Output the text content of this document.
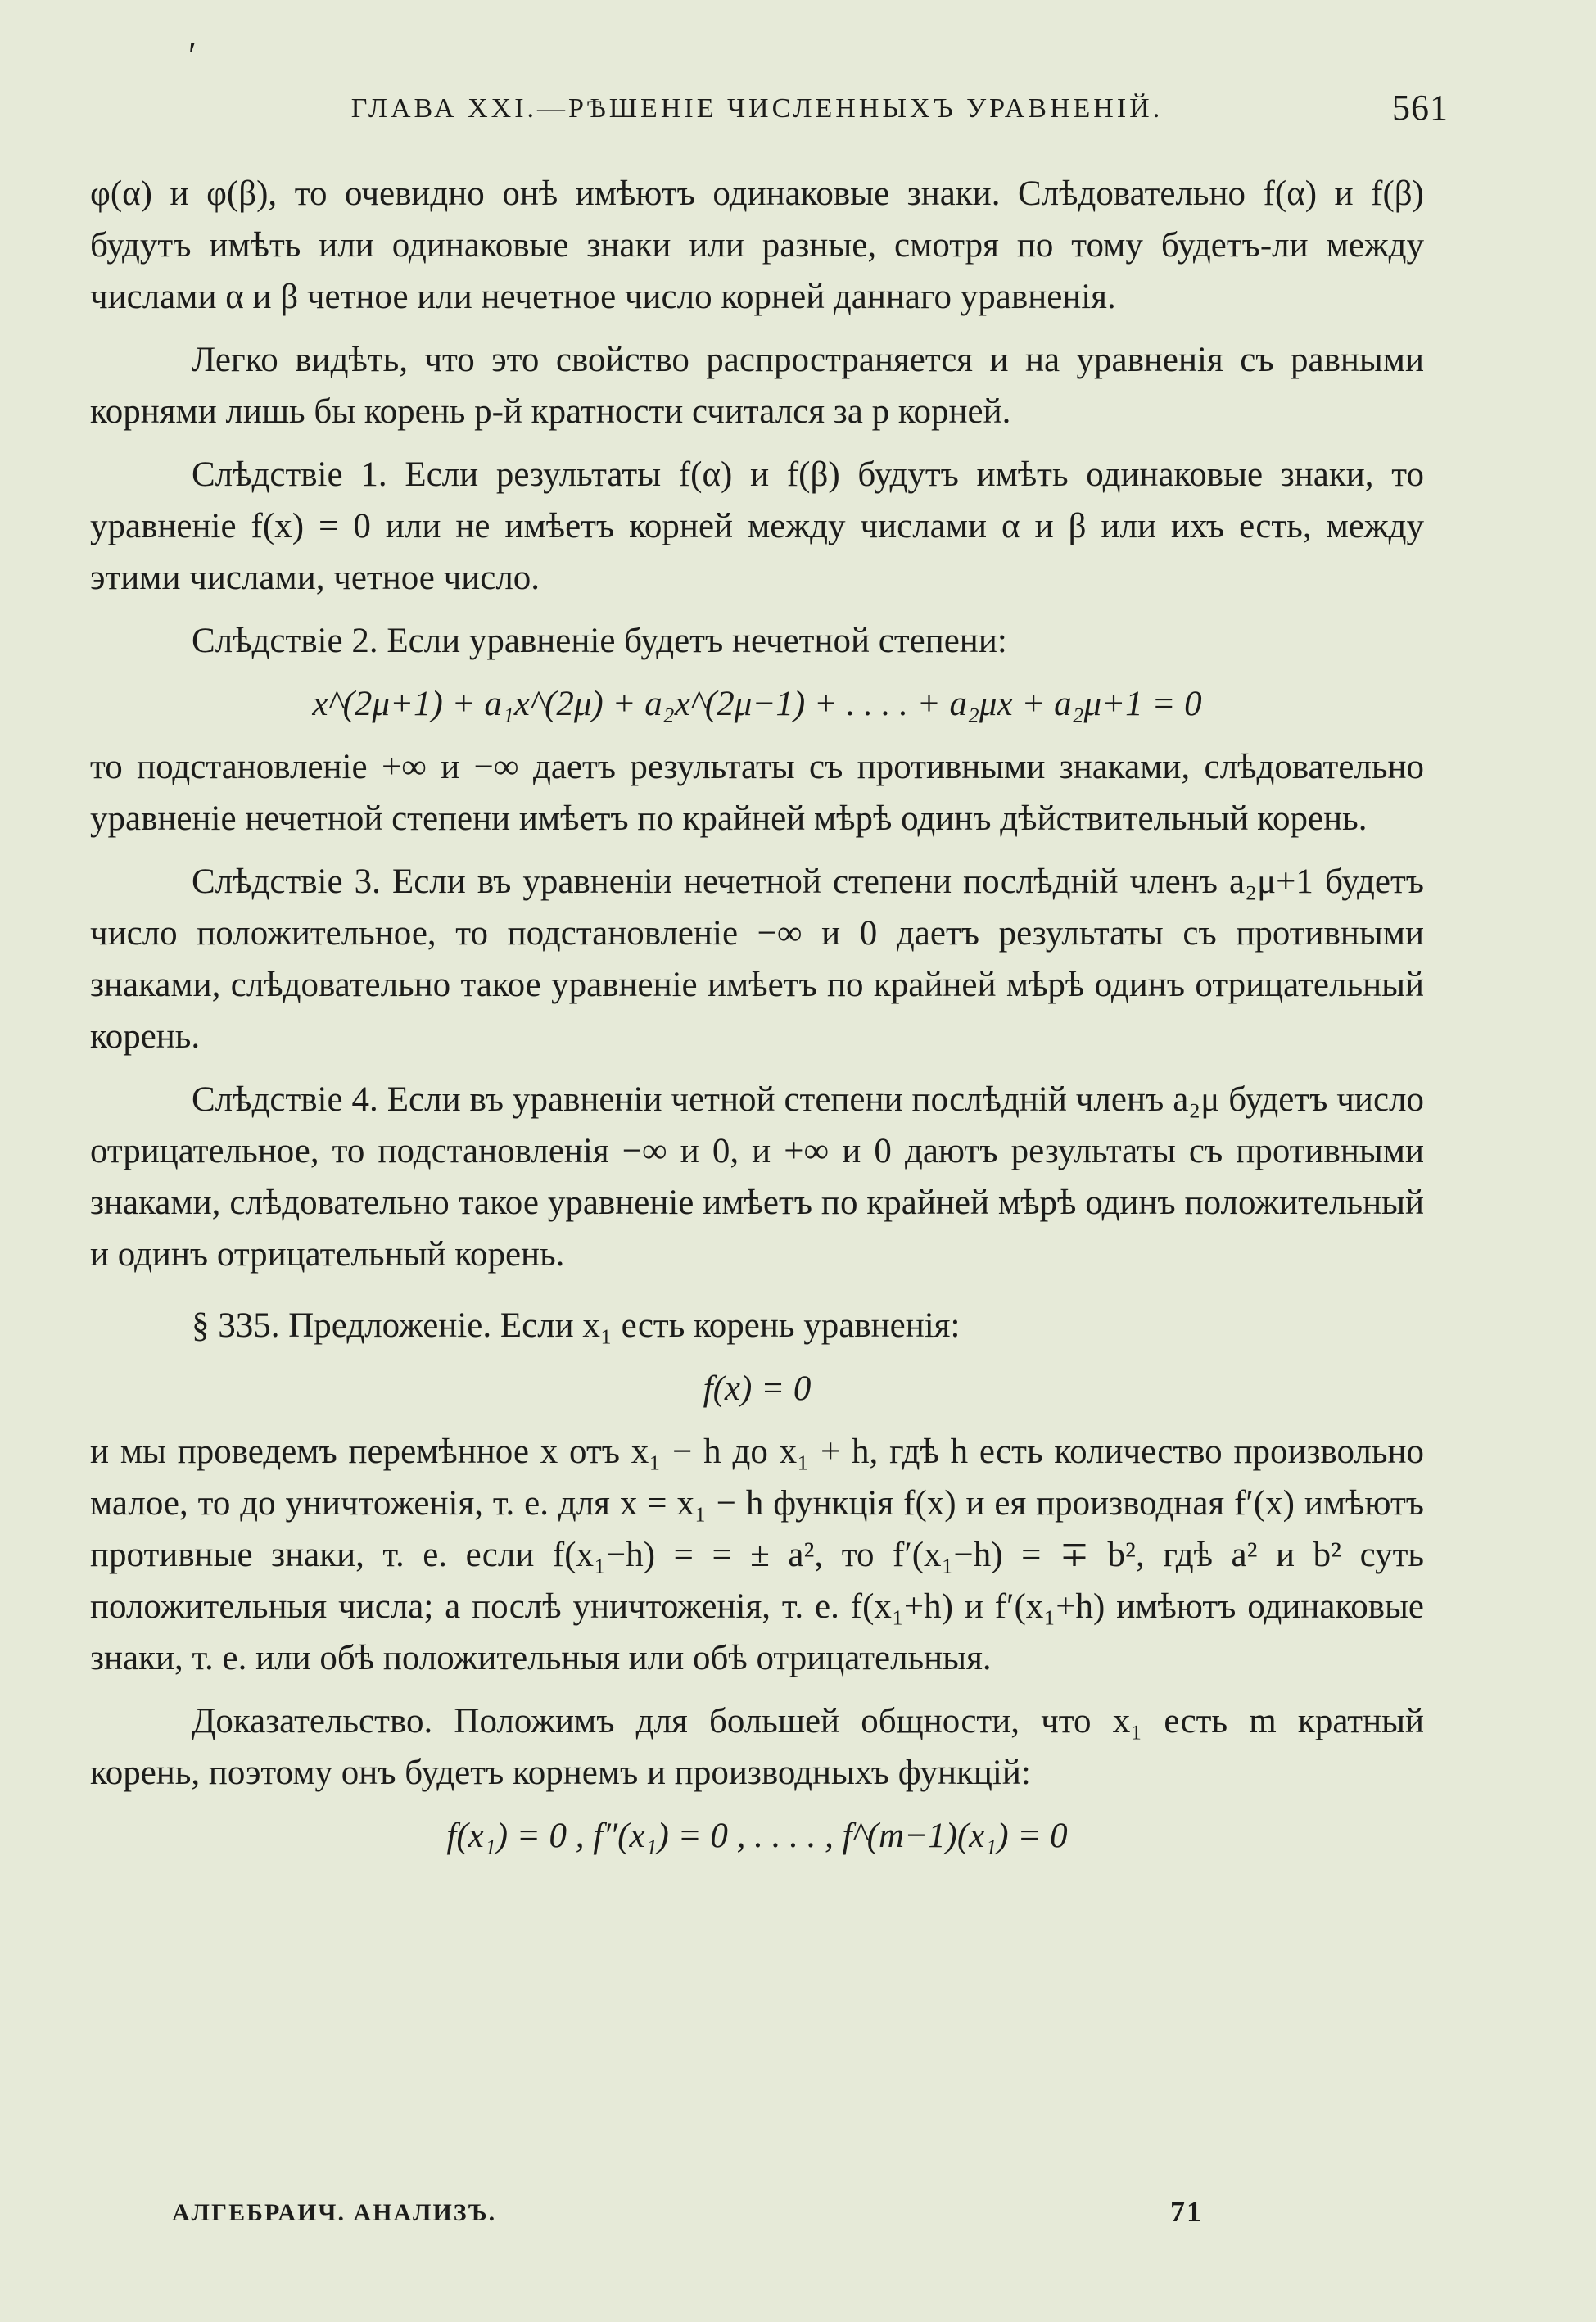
ʹ
ГЛАВА XXI.—РѢШЕНІЕ ЧИСЛЕННЫХЪ УРАВНЕНІЙ.	561

φ(α) и φ(β), то очевидно онѣ имѣютъ одинаковые знаки. Слѣдовательно f(α) и f(β) будутъ имѣть или одинаковые знаки или разные, смотря по тому будетъ-ли между числами α и β четное или нечетное число корней даннаго уравненія.

Легко видѣть, что это свойство распространяется и на уравненія съ равными корнями лишь бы корень p-й кратности считался за p корней.

Слѣдствіе 1. Если результаты f(α) и f(β) будутъ имѣть одинаковые знаки, то уравненіе f(x) = 0 или не имѣетъ корней между числами α и β или ихъ есть, между этими числами, четное число.

Слѣдствіе 2. Если уравненіе будетъ нечетной степени:

x^(2μ+1) + a₁x^(2μ) + a₂x^(2μ−1) + . . . . + a₂μx + a₂μ+1 = 0

то подстановленіе +∞ и −∞ даетъ результаты съ противными знаками, слѣдовательно уравненіе нечетной степени имѣетъ по крайней мѣрѣ одинъ дѣйствительный корень.

Слѣдствіе 3. Если въ уравненіи нечетной степени послѣдній членъ a₂μ+1 будетъ число положительное, то подстановленіе −∞ и 0 даетъ результаты съ противными знаками, слѣдовательно такое уравненіе имѣетъ по крайней мѣрѣ одинъ отрицательный корень.

Слѣдствіе 4. Если въ уравненіи четной степени послѣдній членъ a₂μ будетъ число отрицательное, то подстановленія −∞ и 0, и +∞ и 0 даютъ результаты съ противными знаками, слѣдовательно такое уравненіе имѣетъ по крайней мѣрѣ одинъ положительный и одинъ отрицательный корень.

§ 335. Предложеніе. Если x₁ есть корень уравненія:

f(x) = 0

и мы проведемъ перемѣнное x отъ x₁ − h до x₁ + h, гдѣ h есть количество произвольно малое, то до уничтоженія, т. е. для x = x₁ − h функція f(x) и ея производная f′(x) имѣютъ противные знаки, т. е. если f(x₁−h) = = ± a², то f′(x₁−h) = ∓ b², гдѣ a² и b² суть положительныя числа; а послѣ уничтоженія, т. е. f(x₁+h) и f′(x₁+h) имѣютъ одинаковые знаки, т. е. или обѣ положительныя или обѣ отрицательныя.

Доказательство. Положимъ для большей общности, что x₁ есть m кратный корень, поэтому онъ будетъ корнемъ и производныхъ функцій:

f(x₁) = 0 , f″(x₁) = 0 , . . . . , f^(m−1)(x₁) = 0

АЛГЕБРАИЧ. АНАЛИЗЪ.	71
